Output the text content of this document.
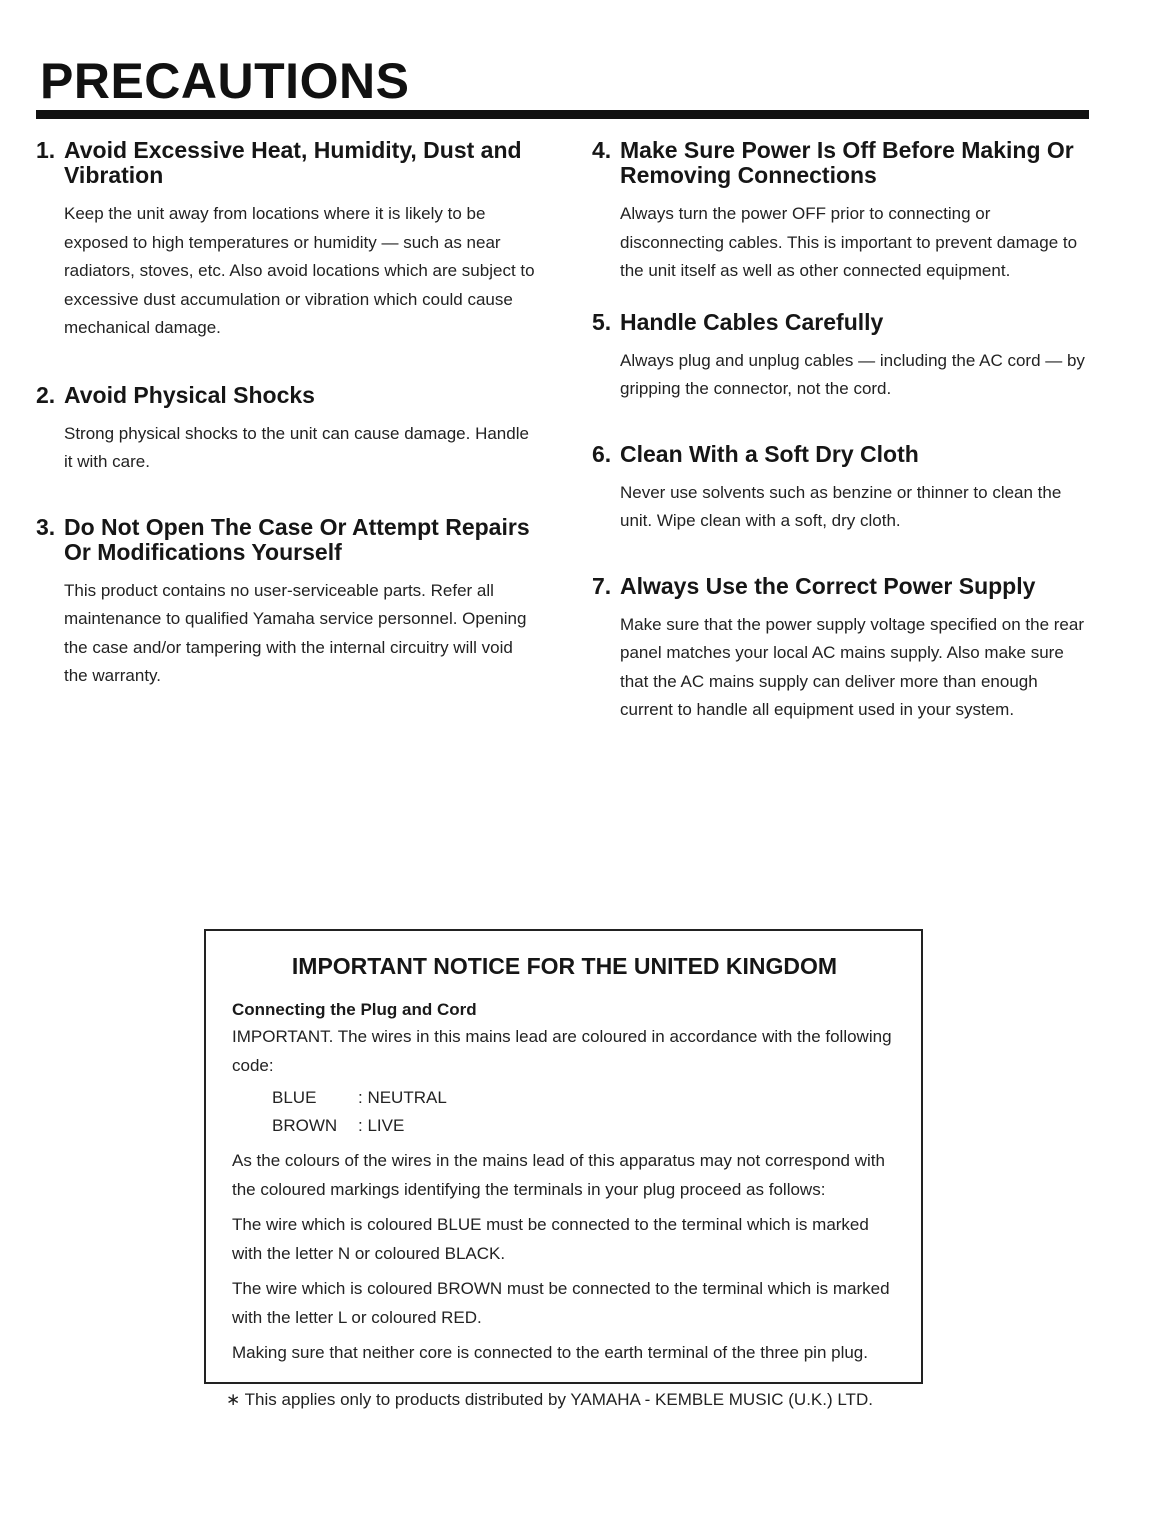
PRECAUTIONS
1. Avoid Excessive Heat, Humidity, Dust and Vibration

Keep the unit away from locations where it is likely to be exposed to high temperatures or humidity — such as near radiators, stoves, etc. Also avoid locations which are subject to excessive dust accumulation or vibration which could cause mechanical damage.

2. Avoid Physical Shocks

Strong physical shocks to the unit can cause damage. Handle it with care.

3. Do Not Open The Case Or Attempt Repairs Or Modifications Yourself

This product contains no user-serviceable parts. Refer all maintenance to qualified Yamaha service personnel. Opening the case and/or tampering with the internal circuitry will void the warranty.

4. Make Sure Power Is Off Before Making Or Removing Connections

Always turn the power OFF prior to connecting or disconnecting cables. This is important to prevent damage to the unit itself as well as other connected equipment.

5. Handle Cables Carefully

Always plug and unplug cables — including the AC cord — by gripping the connector, not the cord.

6. Clean With a Soft Dry Cloth

Never use solvents such as benzine or thinner to clean the unit. Wipe clean with a soft, dry cloth.

7. Always Use the Correct Power Supply

Make sure that the power supply voltage specified on the rear panel matches your local AC mains supply. Also make sure that the AC mains supply can deliver more than enough current to handle all equipment used in your system.

IMPORTANT NOTICE FOR THE UNITED KINGDOM
Connecting the Plug and Cord

IMPORTANT. The wires in this mains lead are coloured in accordance with the following code:

BLUE	: NEUTRAL
BROWN	: LIVE

As the colours of the wires in the mains lead of this apparatus may not correspond with the coloured markings identifying the terminals in your plug proceed as follows:

The wire which is coloured BLUE must be connected to the terminal which is marked with the letter N or coloured BLACK.

The wire which is coloured BROWN must be connected to the terminal which is marked with the letter L or coloured RED.

Making sure that neither core is connected to the earth terminal of the three pin plug.

∗ This applies only to products distributed by YAMAHA - KEMBLE MUSIC (U.K.) LTD.
